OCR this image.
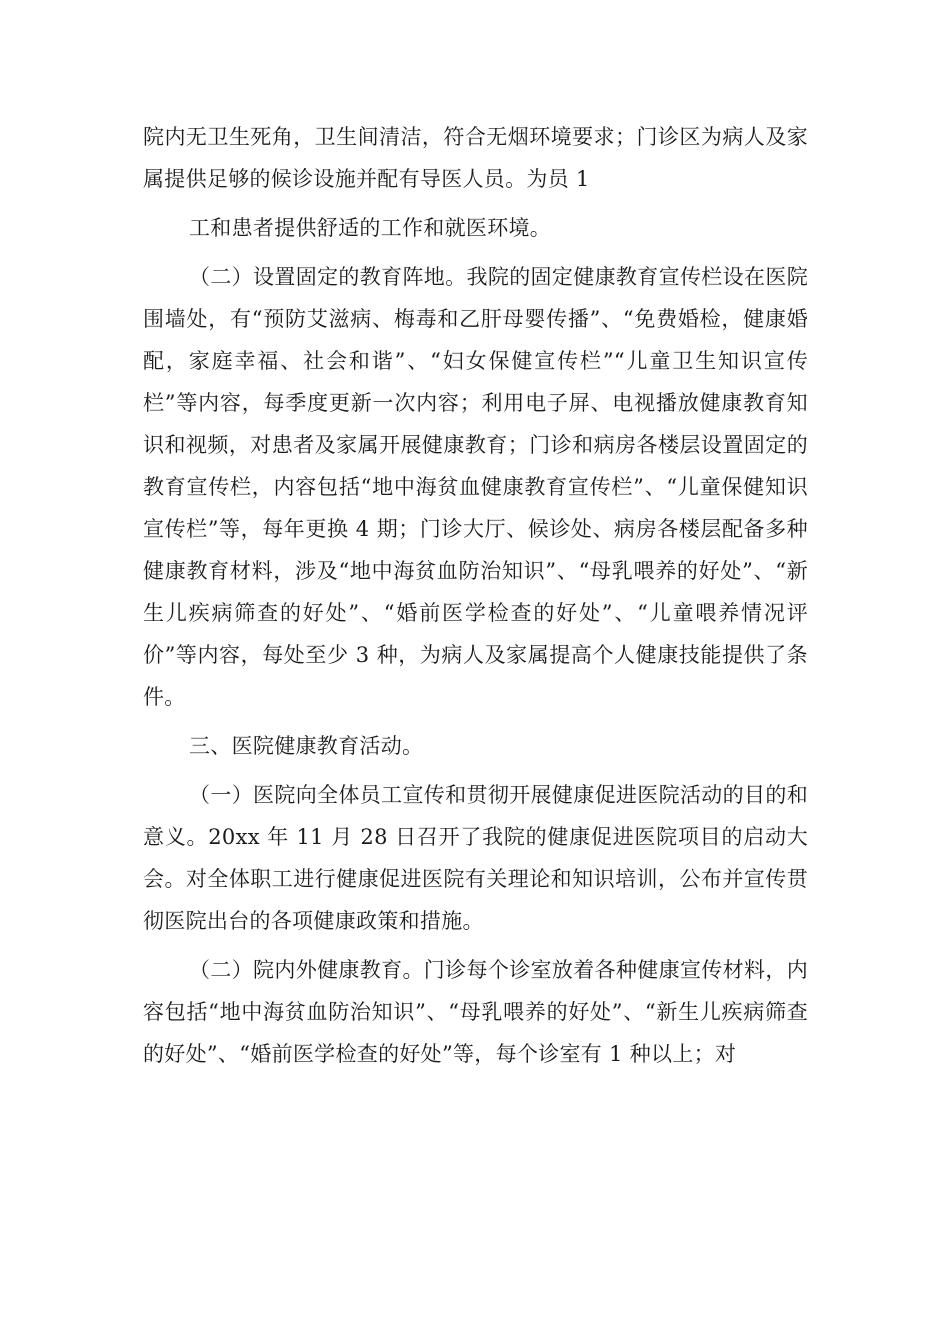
院内无卫生死角，卫生间清洁，符合无烟环境要求；门诊区为病人及家属提供足够的候诊设施并配有导医人员。为员 1

工和患者提供舒适的工作和就医环境。

（二）设置固定的教育阵地。我院的固定健康教育宣传栏设在医院围墙处，有“预防艾滋病、梅毒和乙肝母婴传播”、“免费婚检，健康婚配，家庭幸福、社会和谐”、“妇女保健宣传栏”“儿童卫生知识宣传栏”等内容，每季度更新一次内容；利用电子屏、电视播放健康教育知识和视频，对患者及家属开展健康教育；门诊和病房各楼层设置固定的教育宣传栏，内容包括“地中海贫血健康教育宣传栏”、“儿童保健知识宣传栏”等，每年更换 4 期；门诊大厅、候诊处、病房各楼层配备多种健康教育材料，涉及“地中海贫血防治知识”、“母乳喂养的好处”、“新生儿疾病筛查的好处”、“婚前医学检查的好处”、“儿童喂养情况评价”等内容，每处至少 3 种，为病人及家属提高个人健康技能提供了条件。

三、医院健康教育活动。

（一）医院向全体员工宣传和贯彻开展健康促进医院活动的目的和意义。20xx 年 11 月 28 日召开了我院的健康促进医院项目的启动大会。对全体职工进行健康促进医院有关理论和知识培训，公布并宣传贯彻医院出台的各项健康政策和措施。

（二）院内外健康教育。门诊每个诊室放着各种健康宣传材料，内容包括“地中海贫血防治知识”、“母乳喂养的好处”、“新生儿疾病筛查的好处”、“婚前医学检查的好处”等，每个诊室有 1 种以上；对
